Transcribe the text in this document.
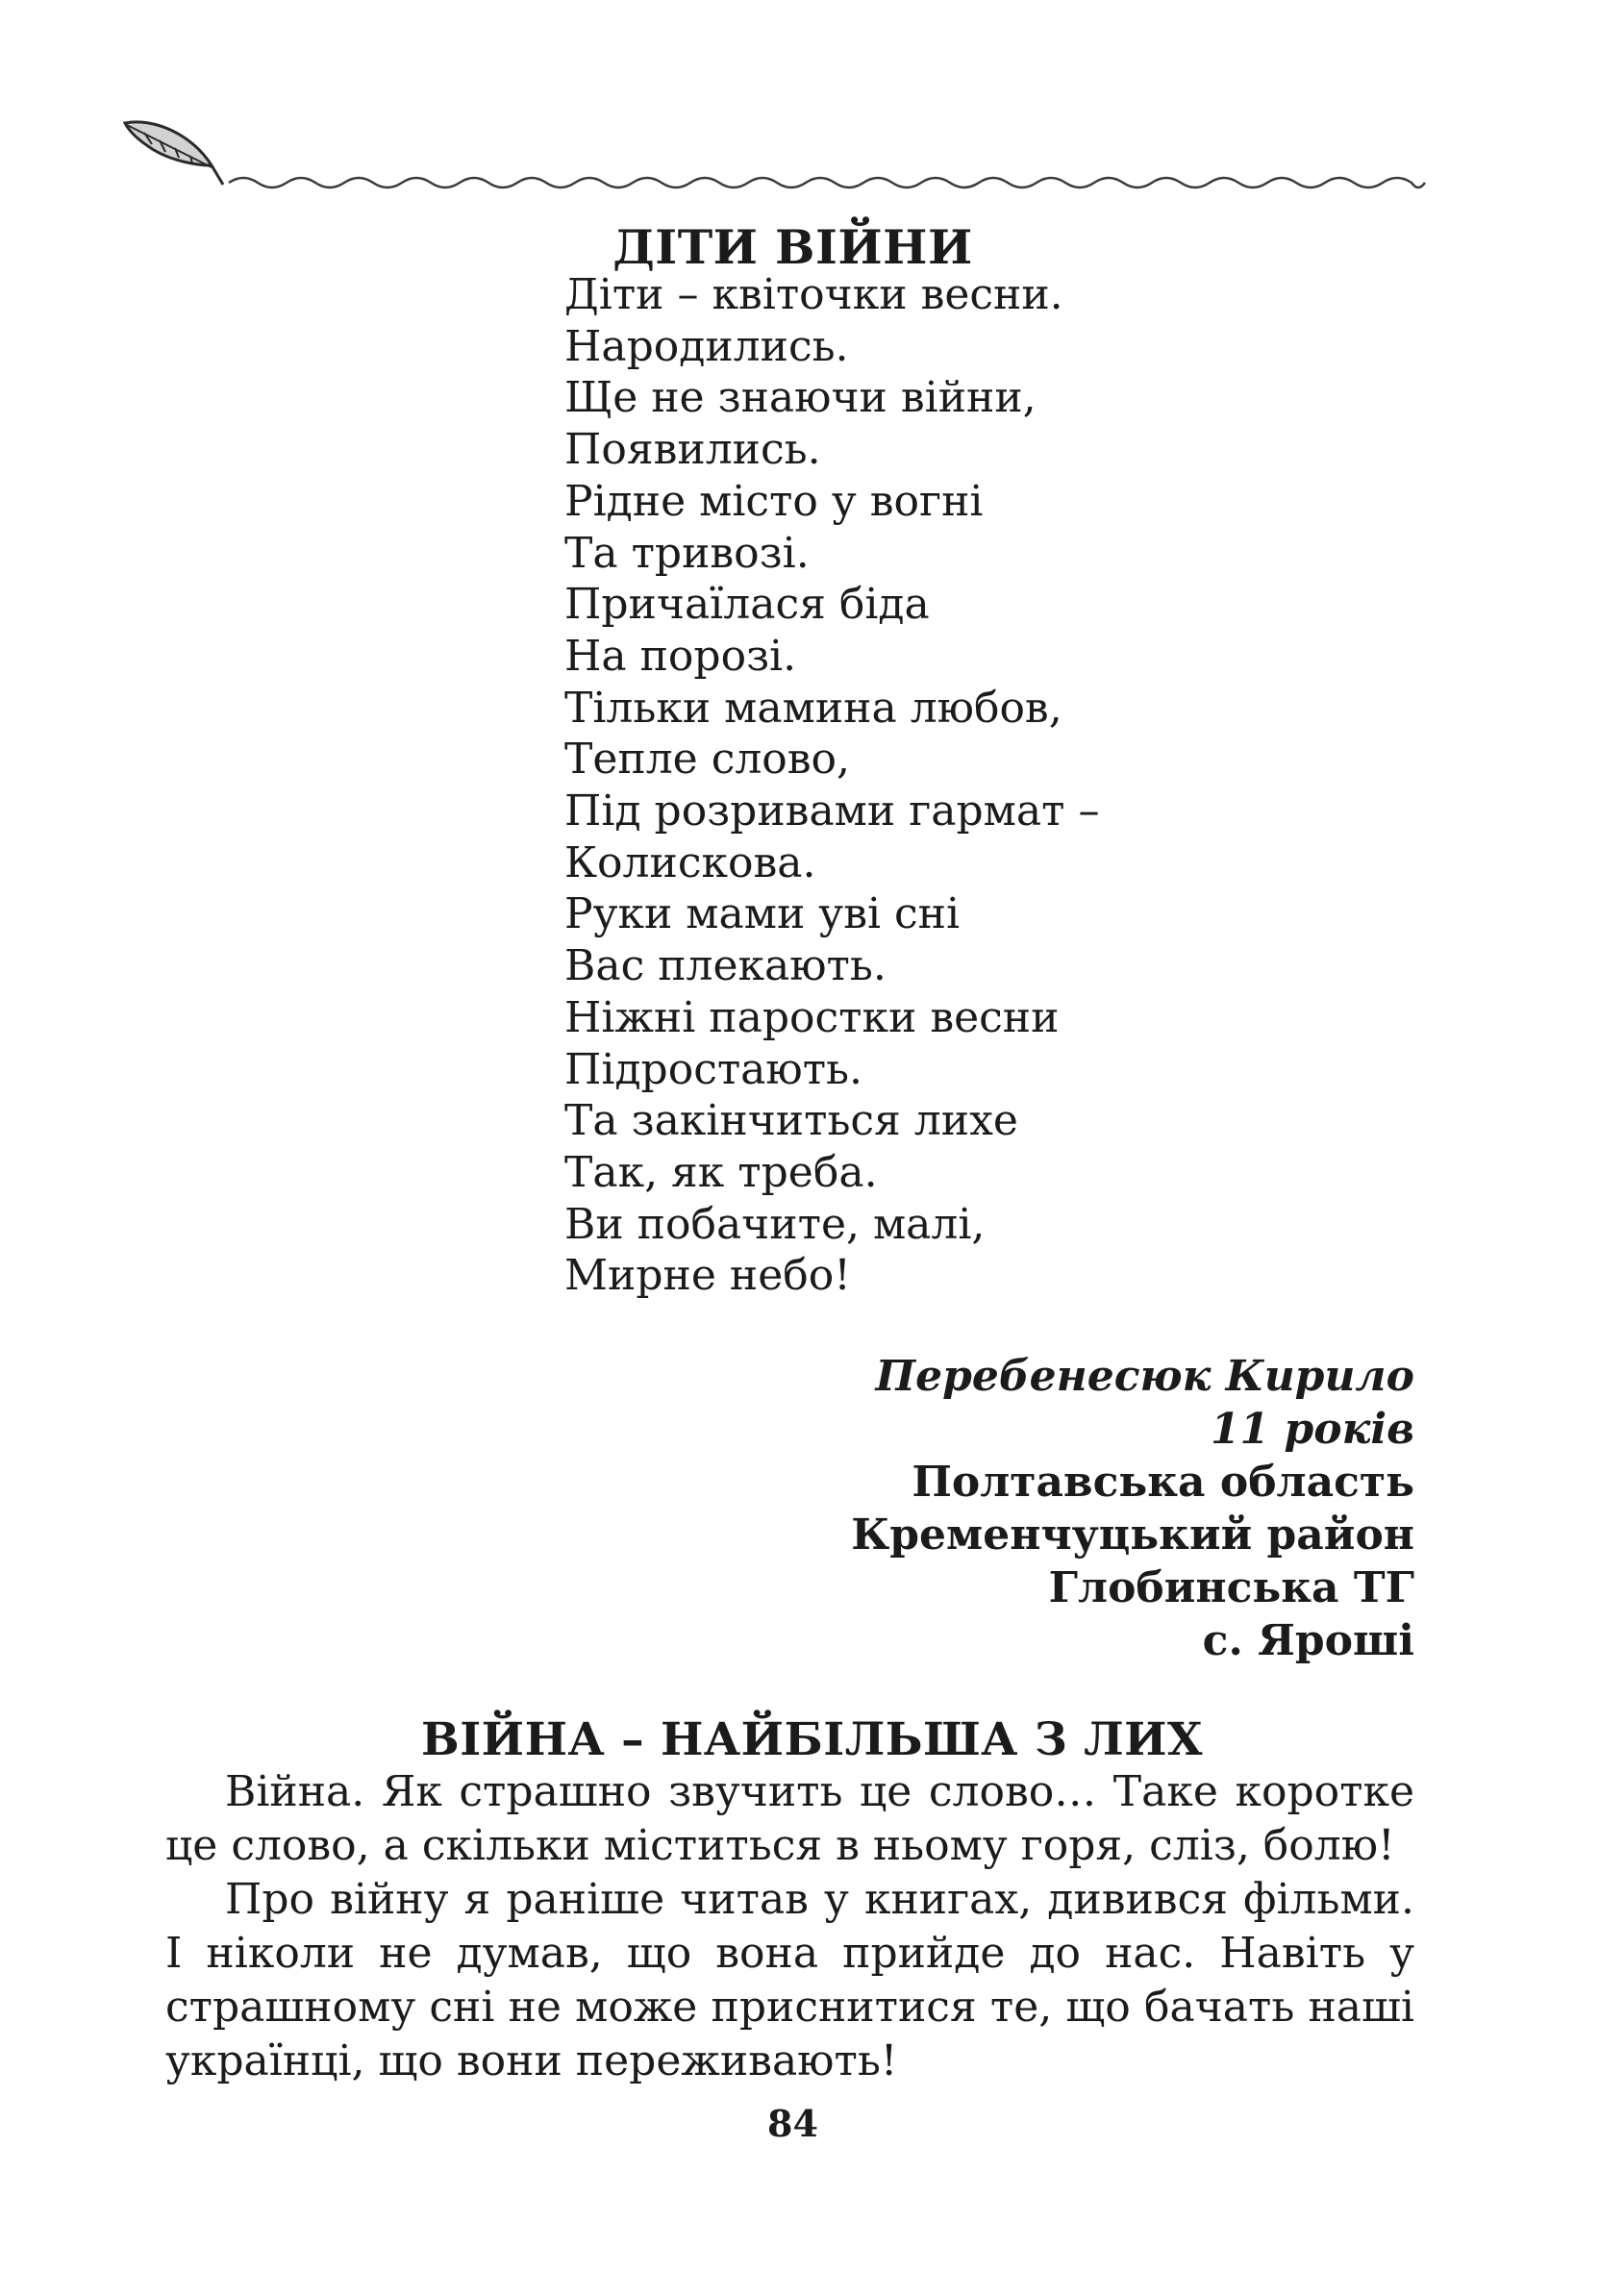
ДІТИ ВІЙНИ
Діти – квіточки весни.
Народились.
Ще не знаючи війни,
Появились.
Рідне місто у вогні
Та тривозі.
Причаїлася біда
На порозі.
Тільки мамина любов,
Тепле слово,
Під розривами гармат –
Колискова.
Руки мами уві сні
Вас плекають.
Ніжні паростки весни
Підростають.
Та закінчиться лихе
Так, як треба.
Ви побачите, малі,
Мирне небо!
Перебенесюк Кирило
11 років
Полтавська область
Кременчуцький район
Глобинська ТГ
с. Яроші
ВІЙНА – НАЙБІЛЬША З ЛИХ

Війна. Як страшно звучить це слово… Таке коротке це слово, а скільки міститься в ньому горя, сліз, болю!

Про війну я раніше читав у книгах, дивився фільми. І ніколи не думав, що вона прийде до нас. Навіть у страшному сні не може приснитися те, що бачать наші українці, що вони переживають!

84
